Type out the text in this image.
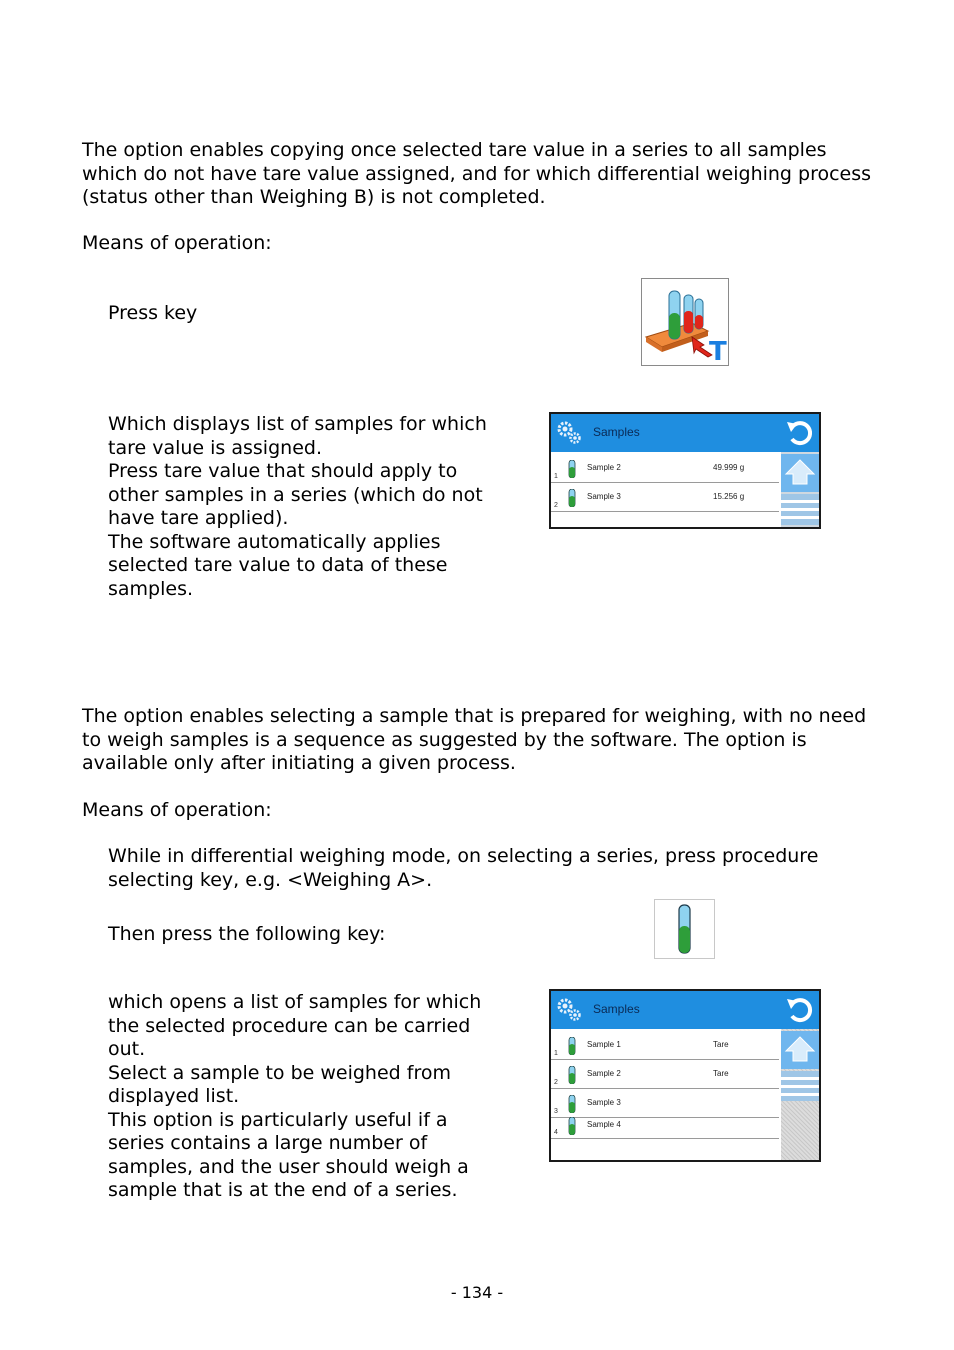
The option enables copying once selected tare value in a series to all samples which do not have tare value assigned, and for which differential weighing process (status other than Weighing B) is not completed.

Means of operation:

Press key

T

Which displays list of samples for which tare value is assigned.
Press tare value that should apply to other samples in a series (which do not have tare applied).
The software automatically applies selected tare value to data of these samples.

Samples
1
Sample 2	49.999 g
2
Sample 3	15.256 g

The option enables selecting a sample that is prepared for weighing, with no need to weigh samples is a sequence as suggested by the software. The option is available only after initiating a given process.

Means of operation:

While in differential weighing mode, on selecting a series, press procedure selecting key, e.g. <Weighing A>.

Then press the following key:

which opens a list of samples for which the selected procedure can be carried out.
Select a sample to be weighed from displayed list.
This option is particularly useful if a series contains a large number of samples, and the user should weigh a sample that is at the end of a series.

Samples
1
Sample 1	Tare
2
Sample 2	Tare
3
Sample 3
4
Sample 4

- 134 -
